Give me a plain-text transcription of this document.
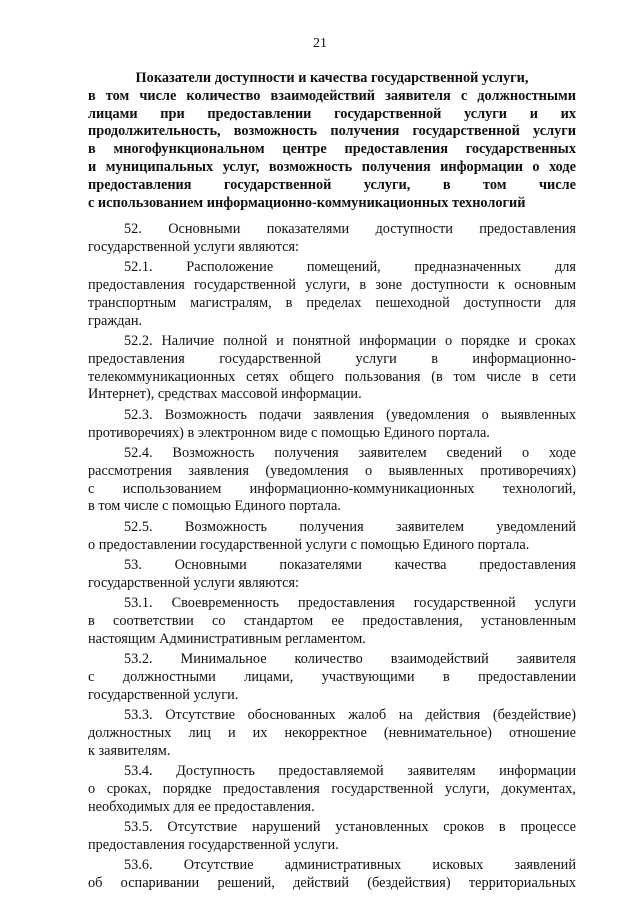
21
Показатели доступности и качества государственной услуги,
в том числе количество взаимодействий заявителя с должностными
лицами при предоставлении государственной услуги и их
продолжительность, возможность получения государственной услуги
в многофункциональном центре предоставления государственных
и муниципальных услуг, возможность получения информации о ходе
предоставления государственной услуги, в том числе
с использованием информационно-коммуникационных технологий
52. Основными показателями доступности предоставления
государственной услуги являются:
52.1. Расположение помещений, предназначенных для
предоставления государственной услуги, в зоне доступности к основным
транспортным магистралям, в пределах пешеходной доступности для
граждан.
52.2. Наличие полной и понятной информации о порядке и сроках
предоставления государственной услуги в информационно-
телекоммуникационных сетях общего пользования (в том числе в сети
Интернет), средствах массовой информации.
52.3. Возможность подачи заявления (уведомления о выявленных
противоречиях) в электронном виде с помощью Единого портала.
52.4. Возможность получения заявителем сведений о ходе
рассмотрения заявления (уведомления о выявленных противоречиях)
с использованием информационно-коммуникационных технологий,
в том числе с помощью Единого портала.
52.5. Возможность получения заявителем уведомлений
о предоставлении государственной услуги с помощью Единого портала.
53. Основными показателями качества предоставления
государственной услуги являются:
53.1. Своевременность предоставления государственной услуги
в соответствии со стандартом ее предоставления, установленным
настоящим Административным регламентом.
53.2. Минимальное количество взаимодействий заявителя
с должностными лицами, участвующими в предоставлении
государственной услуги.
53.3. Отсутствие обоснованных жалоб на действия (бездействие)
должностных лиц и их некорректное (невнимательное) отношение
к заявителям.
53.4. Доступность предоставляемой заявителям информации
о сроках, порядке предоставления государственной услуги, документах,
необходимых для ее предоставления.
53.5. Отсутствие нарушений установленных сроков в процессе
предоставления государственной услуги.
53.6. Отсутствие административных исковых заявлений
об оспаривании решений, действий (бездействия) территориальных
